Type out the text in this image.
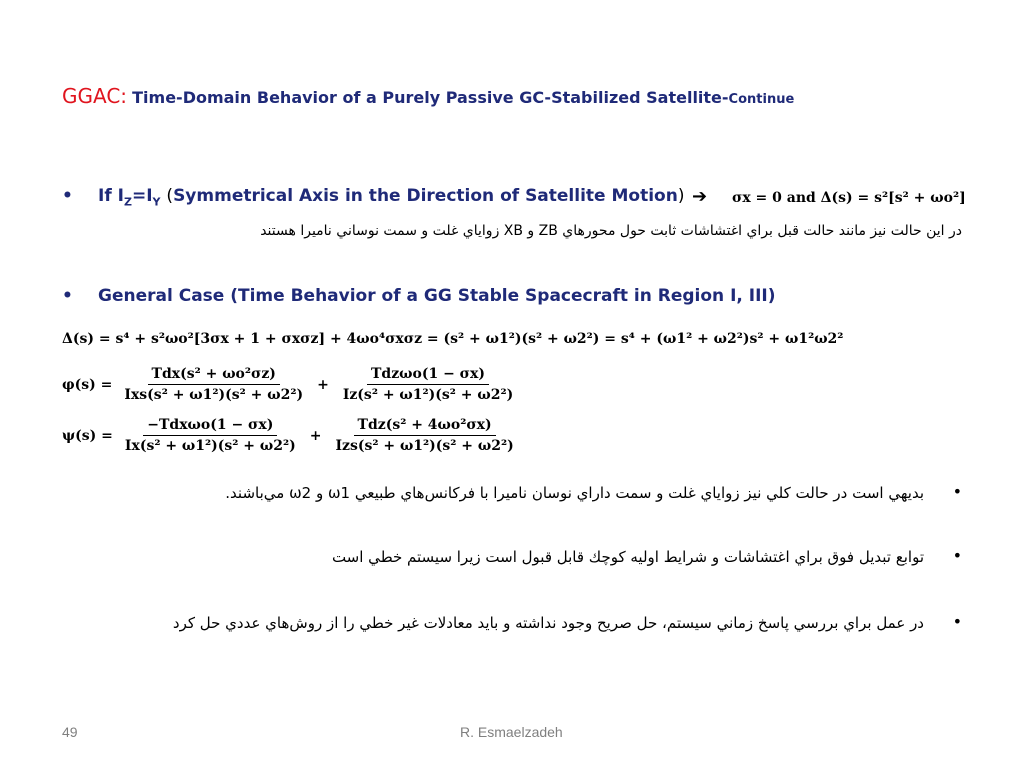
GGAC: Time-Domain Behavior of a Purely Passive GC-Stabilized Satellite-Continue
• If $I_Z=I_Y$ (Symmetrical Axis in the Direction of Satellite Motion) ➔ σx = 0 and Δ(s) = s²[s² + ωo²]
در اين حالت نيز مانند حالت قبل براي اغتشاشات ثابت حول محورهاي ZB و XB زواياي غلت و سمت نوساني ناميرا هستند
• General Case (Time Behavior of a GG Stable Spacecraft in Region I, III)
Δ(s) = s⁴ + s²ωo²[3σx + 1 + σxσz] + 4ωo⁴σxσz = (s² + ω1²)(s² + ω2²) = s⁴ + (ω1² + ω2²)s² + ω1²ω2²
$\varphi(s) = \frac{\text{Tdx(s² + ωo²σz)}}{\text{Ixs(s² + ω1²)(s² + ω2²)}} + \frac{\text{Tdzωo(1 − σx)}}{\text{Iz(s² + ω1²)(s² + ω2²)}}$
$\psi(s) = \frac{\text{−Tdxωo(1 − σx)}}{\text{Ix(s² + ω1²)(s² + ω2²)}} + \frac{\text{Tdz(s² + 4ωo²σx)}}{\text{Izs(s² + ω1²)(s² + ω2²)}}$
•
بديهي است در حالت كلي نيز زواياي غلت و سمت داراي نوسان ناميرا با فركانس‌هاي طبيعي ω1 و ω2 مي‌باشند.
•
توابع تبديل فوق براي اغتشاشات و شرايط اوليه كوچك قابل قبول است زيرا سيستم خطي است
•
در عمل براي بررسي پاسخ زماني سيستم، حل صريح وجود نداشته و بايد معادلات غير خطي را از روش‌هاي عددي حل كرد
49	R. Esmaelzadeh
